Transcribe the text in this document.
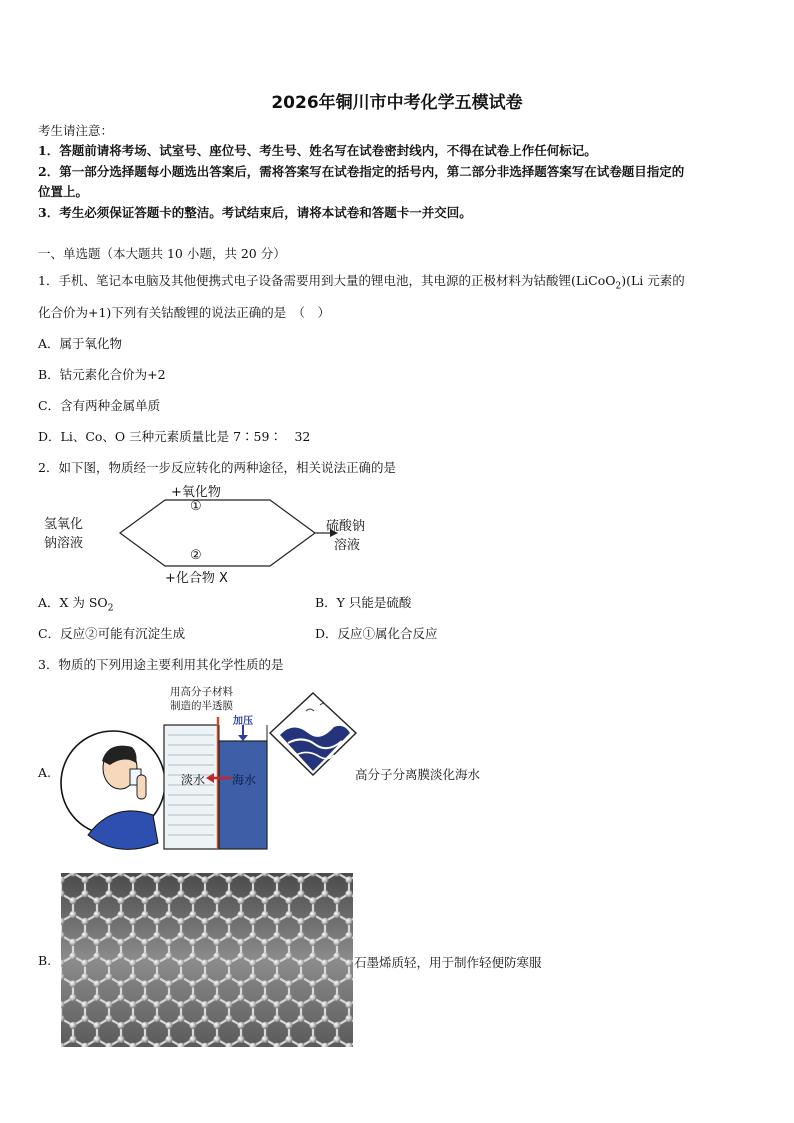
2026年铜川市中考化学五模试卷
考生请注意：
1．答题前请将考场、试室号、座位号、考生号、姓名写在试卷密封线内，不得在试卷上作任何标记。
2．第一部分选择题每小题选出答案后，需将答案写在试卷指定的括号内，第二部分非选择题答案写在试卷题目指定的
位置上。
3．考生必须保证答题卡的整洁。考试结束后，请将本试卷和答题卡一并交回。
一、单选题（本大题共 10 小题，共 20 分）
1．手机、笔记本电脑及其他便携式电子设备需要用到大量的锂电池，其电源的正极材料为钴酸锂(LiCoO$_2$)(Li 元素的
化合价为+1)下列有关钴酸锂的说法正确的是　（　）
A．属于氧化物
B．钴元素化合价为+2
C．含有两种金属单质
D．Li、Co、O 三种元素质量比是 7∶59∶　32
2．如下图，物质经一步反应转化的两种途径，相关说法正确的是
氢氧化
钠溶液
硫酸钠
溶液
+氧化物
①
②
+化合物 X
A．X 为 $SO_2$	B．Y 只能是硫酸
C．反应②可能有沉淀生成	D．反应①属化合反应
3．物质的下列用途主要利用其化学性质的是
A.
用高分子材料
制造的半透膜
加压
淡水 海水	高分子分离膜淡化海水
B.	石墨烯质轻，用于制作轻便防寒服
